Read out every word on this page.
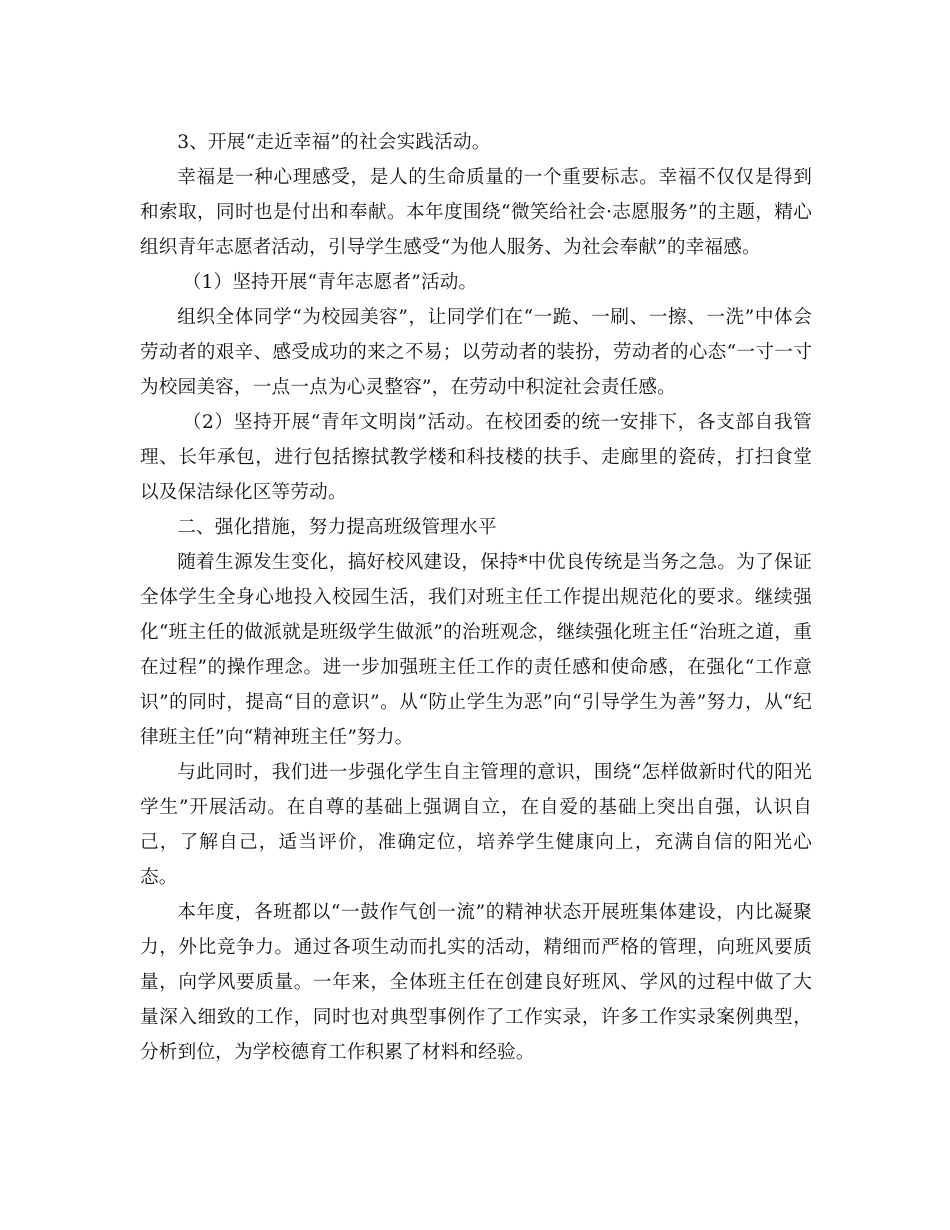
3、开展“走近幸福”的社会实践活动。

幸福是一种心理感受，是人的生命质量的一个重要标志。幸福不仅仅是得到和索取，同时也是付出和奉献。本年度围绕“微笑给社会·志愿服务”的主题，精心组织青年志愿者活动，引导学生感受“为他人服务、为社会奉献”的幸福感。

（1）坚持开展“青年志愿者”活动。

组织全体同学“为校园美容”，让同学们在“一跪、一刷、一擦、一洗”中体会劳动者的艰辛、感受成功的来之不易；以劳动者的装扮，劳动者的心态“一寸一寸为校园美容，一点一点为心灵整容”，在劳动中积淀社会责任感。

（2）坚持开展“青年文明岗”活动。在校团委的统一安排下，各支部自我管理、长年承包，进行包括擦拭教学楼和科技楼的扶手、走廊里的瓷砖，打扫食堂以及保洁绿化区等劳动。

二、强化措施，努力提高班级管理水平

随着生源发生变化，搞好校风建设，保持*中优良传统是当务之急。为了保证全体学生全身心地投入校园生活，我们对班主任工作提出规范化的要求。继续强化“班主任的做派就是班级学生做派”的治班观念，继续强化班主任“治班之道，重在过程”的操作理念。进一步加强班主任工作的责任感和使命感，在强化“工作意识”的同时，提高“目的意识”。从“防止学生为恶”向“引导学生为善”努力，从“纪律班主任”向“精神班主任”努力。

与此同时，我们进一步强化学生自主管理的意识，围绕“怎样做新时代的阳光学生”开展活动。在自尊的基础上强调自立，在自爱的基础上突出自强，认识自己，了解自己，适当评价，准确定位，培养学生健康向上，充满自信的阳光心态。

本年度，各班都以“一鼓作气创一流”的精神状态开展班集体建设，内比凝聚力，外比竞争力。通过各项生动而扎实的活动，精细而严格的管理，向班风要质量，向学风要质量。一年来，全体班主任在创建良好班风、学风的过程中做了大量深入细致的工作，同时也对典型事例作了工作实录，许多工作实录案例典型，分析到位，为学校德育工作积累了材料和经验。
